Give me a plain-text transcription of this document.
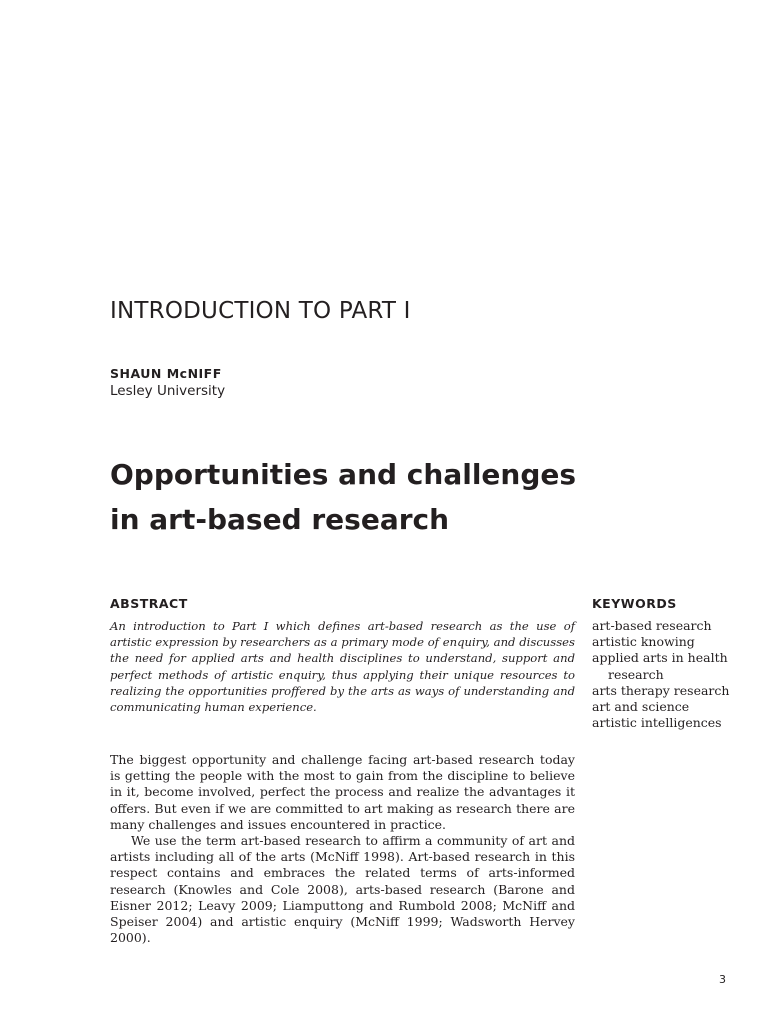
INTRODUCTION TO PART I
SHAUN McNIFF
Lesley University
Opportunities and challenges
in art-based research
ABSTRACT

An introduction to Part I which defines art-based research as the use of artistic expression by researchers as a primary mode of enquiry, and discusses the need for applied arts and health disciplines to understand, support and perfect methods of artistic enquiry, thus applying their unique resources to realizing the opportunities proffered by the arts as ways of understanding and communicating human experience.

KEYWORDS
art-based research
artistic knowing
applied arts in health
research
arts therapy research
art and science
artistic intelligences

The biggest opportunity and challenge facing art-based research today is getting the people with the most to gain from the discipline to believe in it, become involved, perfect the process and realize the advantages it offers. But even if we are committed to art making as research there are many challenges and issues encountered in practice.

We use the term art-based research to affirm a community of art and artists including all of the arts (McNiff 1998). Art-based research in this respect contains and embraces the related terms of arts-informed research (Knowles and Cole 2008), arts-based research (Barone and Eisner 2012; Leavy 2009; Liamputtong and Rumbold 2008; McNiff and Speiser 2004) and artistic enquiry (McNiff 1999; Wadsworth Hervey 2000).

3
